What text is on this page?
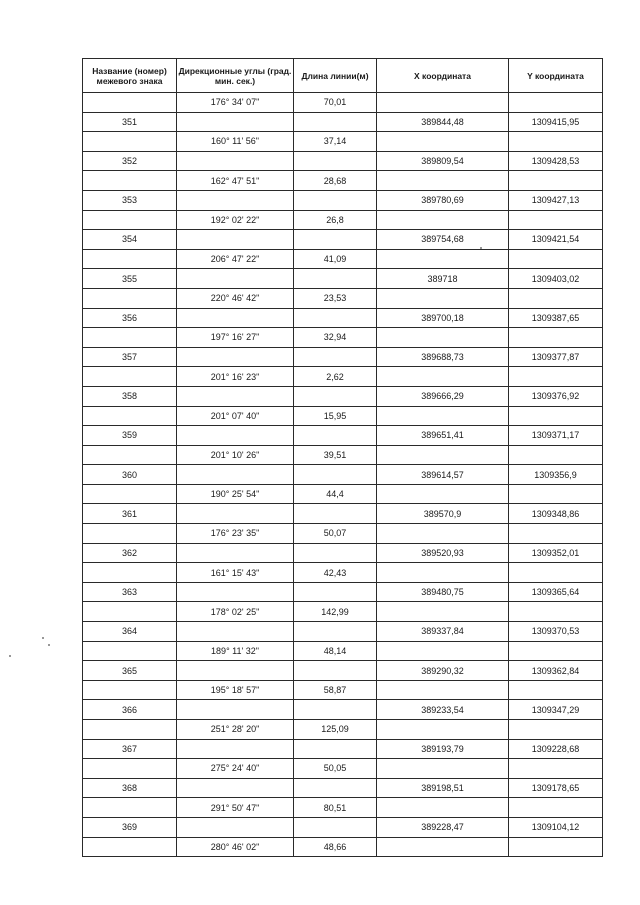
Название (номер) межевого знака	Дирекционные углы (град. мин. сек.)	Длина линии(м)	X координата	Y координата
	176° 34' 07"	70,01		
351			389844,48	1309415,95
	160° 11' 56"	37,14		
352			389809,54	1309428,53
	162° 47' 51"	28,68		
353			389780,69	1309427,13
	192° 02' 22"	26,8		
354			389754,68	1309421,54
	206° 47' 22"	41,09		
355			389718	1309403,02
	220° 46' 42"	23,53		
356			389700,18	1309387,65
	197° 16' 27"	32,94		
357			389688,73	1309377,87
	201° 16' 23"	2,62		
358			389666,29	1309376,92
	201° 07' 40"	15,95		
359			389651,41	1309371,17
	201° 10' 26"	39,51		
360			389614,57	1309356,9
	190° 25' 54"	44,4		
361			389570,9	1309348,86
	176° 23' 35"	50,07		
362			389520,93	1309352,01
	161° 15' 43"	42,43		
363			389480,75	1309365,64
	178° 02' 25"	142,99		
364			389337,84	1309370,53
	189° 11' 32"	48,14		
365			389290,32	1309362,84
	195° 18' 57"	58,87		
366			389233,54	1309347,29
	251° 28' 20"	125,09		
367			389193,79	1309228,68
	275° 24' 40"	50,05		
368			389198,51	1309178,65
	291° 50' 47"	80,51		
369			389228,47	1309104,12
	280° 46' 02"	48,66		
